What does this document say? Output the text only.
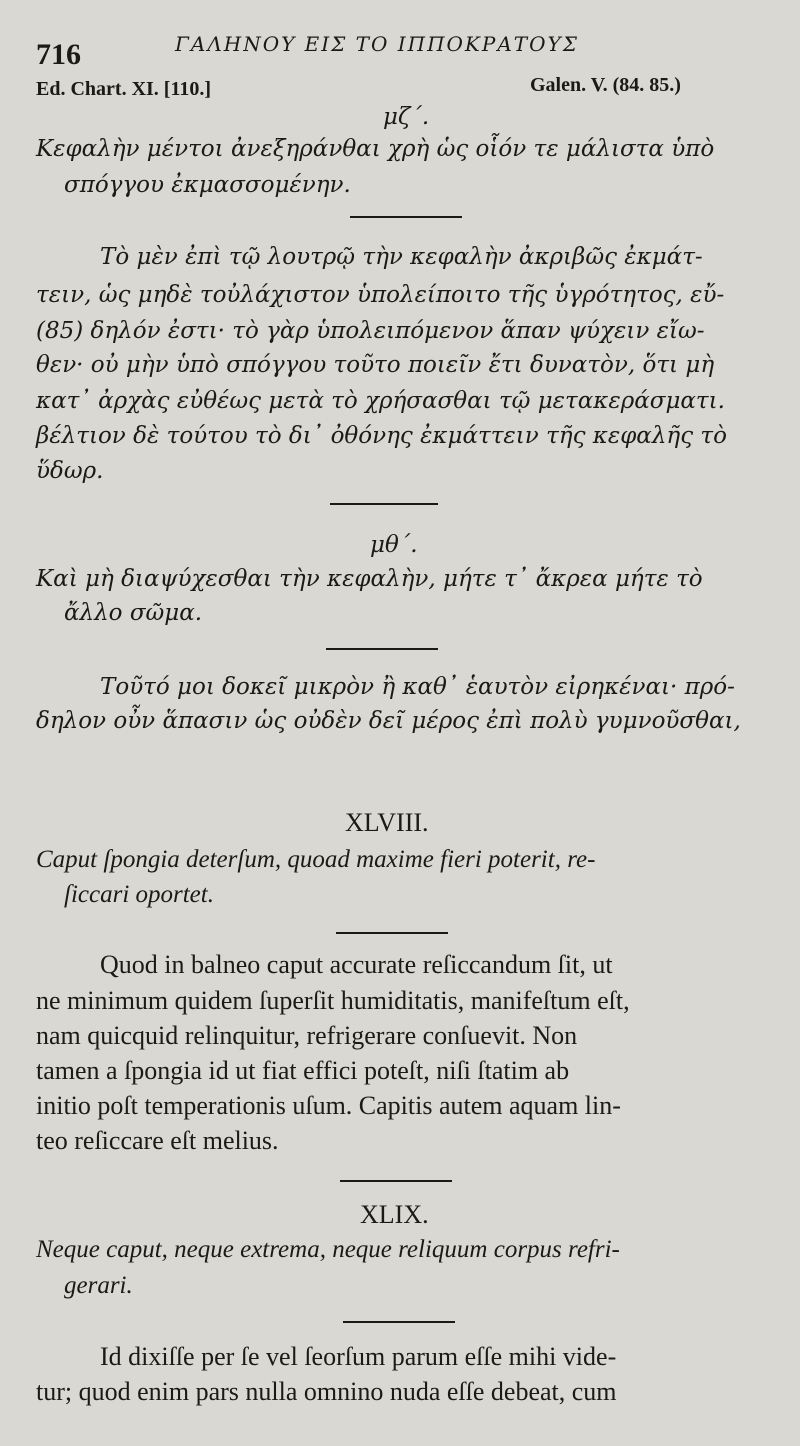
716	ΓΑΛΗΝΟΥ ΕΙΣ ΤΟ ΙΠΠΟΚΡΑΤΟΥΣ
Ed. Chart. XI. [110.]	Galen. V. (84. 85.)
μζ΄.
Κεφαλὴν μέντοι ἀνεξηράνθαι χρὴ ὡς οἷόν τε μάλιστα ὑπὸ
σπόγγου ἐκμασσομένην.
Τὸ μὲν ἐπὶ τῷ λουτρῷ τὴν κεφαλὴν ἀκριβῶς ἐκμάτ-
τειν, ὡς μηδὲ τοὐλάχιστον ὑπολείποιτο τῆς ὑγρότητος, εὔ-
(85) δηλόν ἐστι· τὸ γὰρ ὑπολειπόμενον ἅπαν ψύχειν εἴω-
θεν· οὐ μὴν ὑπὸ σπόγγου τοῦτο ποιεῖν ἔτι δυνατὸν, ὅτι μὴ
κατ᾽ ἀρχὰς εὐθέως μετὰ τὸ χρήσασθαι τῷ μετακεράσματι.
βέλτιον δὲ τούτου τὸ δι᾽ ὀθόνης ἐκμάττειν τῆς κεφαλῆς τὸ
ὕδωρ.
μθ΄.
Καὶ μὴ διαψύχεσθαι τὴν κεφαλὴν, μήτε τ᾽ ἄκρεα μήτε τὸ
ἄλλο σῶμα.
Τοῦτό μοι δοκεῖ μικρὸν ἢ καθ᾽ ἑαυτὸν εἰρηκέναι· πρό-
δηλον οὖν ἅπασιν ὡς οὐδὲν δεῖ μέρος ἐπὶ πολὺ γυμνοῦσθαι,
XLVIII.
Caput ſpongia deterſum, quoad maxime fieri poterit, re-
ſiccari oportet.
Quod in balneo caput accurate reſiccandum ſit, ut
ne minimum quidem ſuperſit humiditatis, manifeſtum eſt,
nam quicquid relinquitur, refrigerare conſuevit. Non
tamen a ſpongia id ut fiat effici poteſt, niſi ſtatim ab
initio poſt temperationis uſum. Capitis autem aquam lin-
teo reſiccare eſt melius.
XLIX.
Neque caput, neque extrema, neque reliquum corpus refri-
gerari.
Id dixiſſe per ſe vel ſeorſum parum eſſe mihi vide-
tur; quod enim pars nulla omnino nuda eſſe debeat, cum
